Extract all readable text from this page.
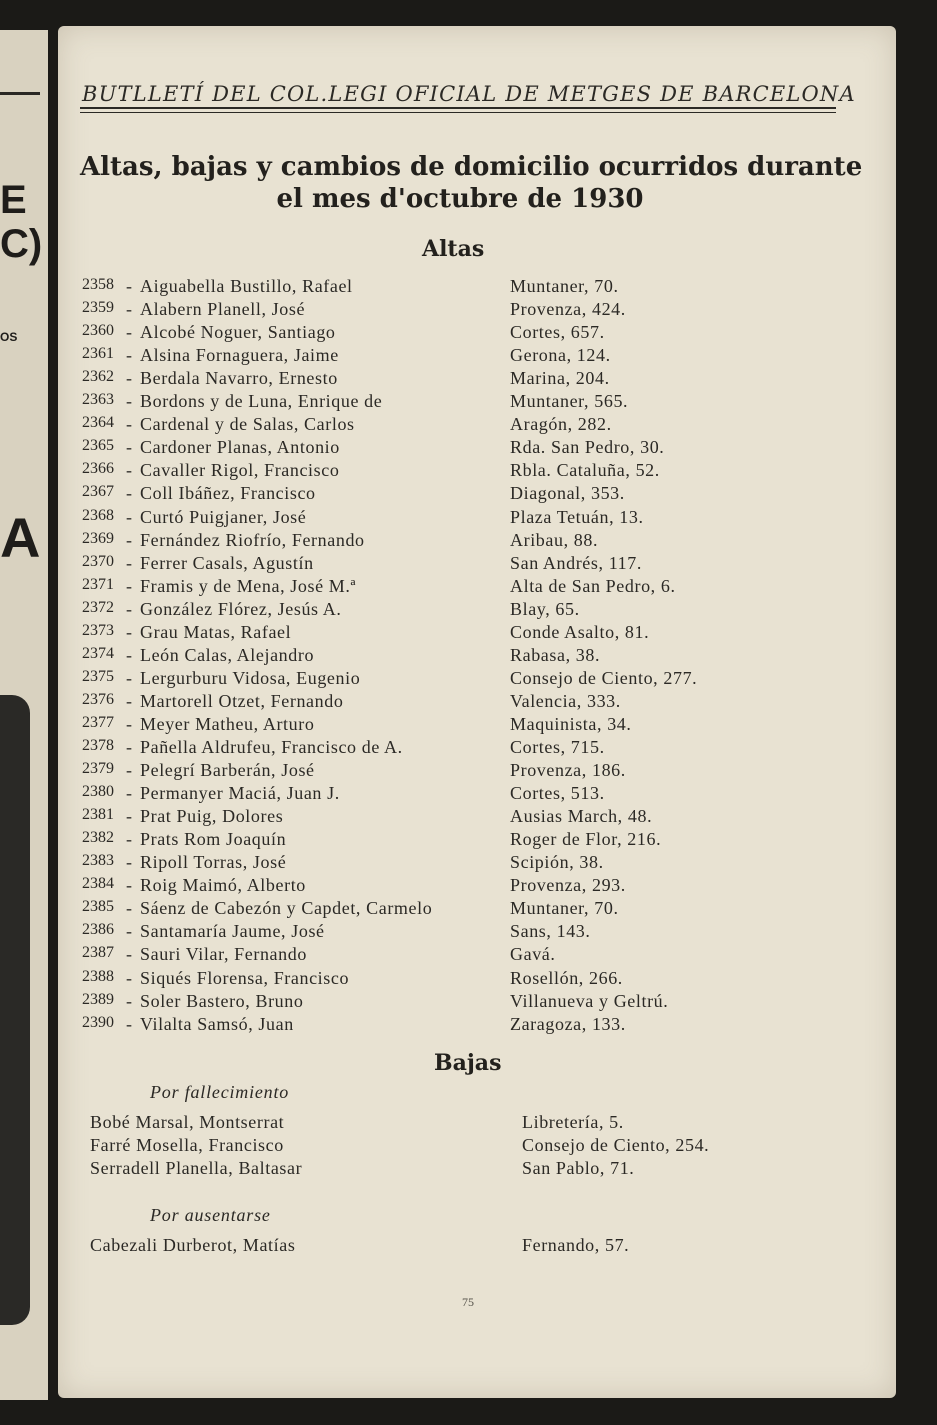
E
C)
OS
A
BUTLLETÍ DEL COL.LEGI OFICIAL DE METGES DE BARCELONA
Altas, bajas y cambios de domicilio ocurridos durante
el mes d'octubre de 1930
Altas
2358 - Aiguabella Bustillo, Rafael	Muntaner, 70.
2359 - Alabern Planell, José	Provenza, 424.
2360 - Alcobé Noguer, Santiago	Cortes, 657.
2361 - Alsina Fornaguera, Jaime	Gerona, 124.
2362 - Berdala Navarro, Ernesto	Marina, 204.
2363 - Bordons y de Luna, Enrique de	Muntaner, 565.
2364 - Cardenal y de Salas, Carlos	Aragón, 282.
2365 - Cardoner Planas, Antonio	Rda. San Pedro, 30.
2366 - Cavaller Rigol, Francisco	Rbla. Cataluña, 52.
2367 - Coll Ibáñez, Francisco	Diagonal, 353.
2368 - Curtó Puigjaner, José	Plaza Tetuán, 13.
2369 - Fernández Riofrío, Fernando	Aribau, 88.
2370 - Ferrer Casals, Agustín	San Andrés, 117.
2371 - Framis y de Mena, José M.ª	Alta de San Pedro, 6.
2372 - González Flórez, Jesús A.	Blay, 65.
2373 - Grau Matas, Rafael	Conde Asalto, 81.
2374 - León Calas, Alejandro	Rabasa, 38.
2375 - Lergurburu Vidosa, Eugenio	Consejo de Ciento, 277.
2376 - Martorell Otzet, Fernando	Valencia, 333.
2377 - Meyer Matheu, Arturo	Maquinista, 34.
2378 - Pañella Aldrufeu, Francisco de A.	Cortes, 715.
2379 - Pelegrí Barberán, José	Provenza, 186.
2380 - Permanyer Maciá, Juan J.	Cortes, 513.
2381 - Prat Puig, Dolores	Ausias March, 48.
2382 - Prats Rom Joaquín	Roger de Flor, 216.
2383 - Ripoll Torras, José	Scipión, 38.
2384 - Roig Maimó, Alberto	Provenza, 293.
2385 - Sáenz de Cabezón y Capdet, Carmelo	Muntaner, 70.
2386 - Santamaría Jaume, José	Sans, 143.
2387 - Sauri Vilar, Fernando	Gavá.
2388 - Siqués Florensa, Francisco	Rosellón, 266.
2389 - Soler Bastero, Bruno	Villanueva y Geltrú.
2390 - Vilalta Samsó, Juan	Zaragoza, 133.
Bajas
Por fallecimiento
Bobé Marsal, Montserrat	Libretería, 5.
Farré Mosella, Francisco	Consejo de Ciento, 254.
Serradell Planella, Baltasar	San Pablo, 71.
Por ausentarse
Cabezali Durberot, Matías	Fernando, 57.
75
